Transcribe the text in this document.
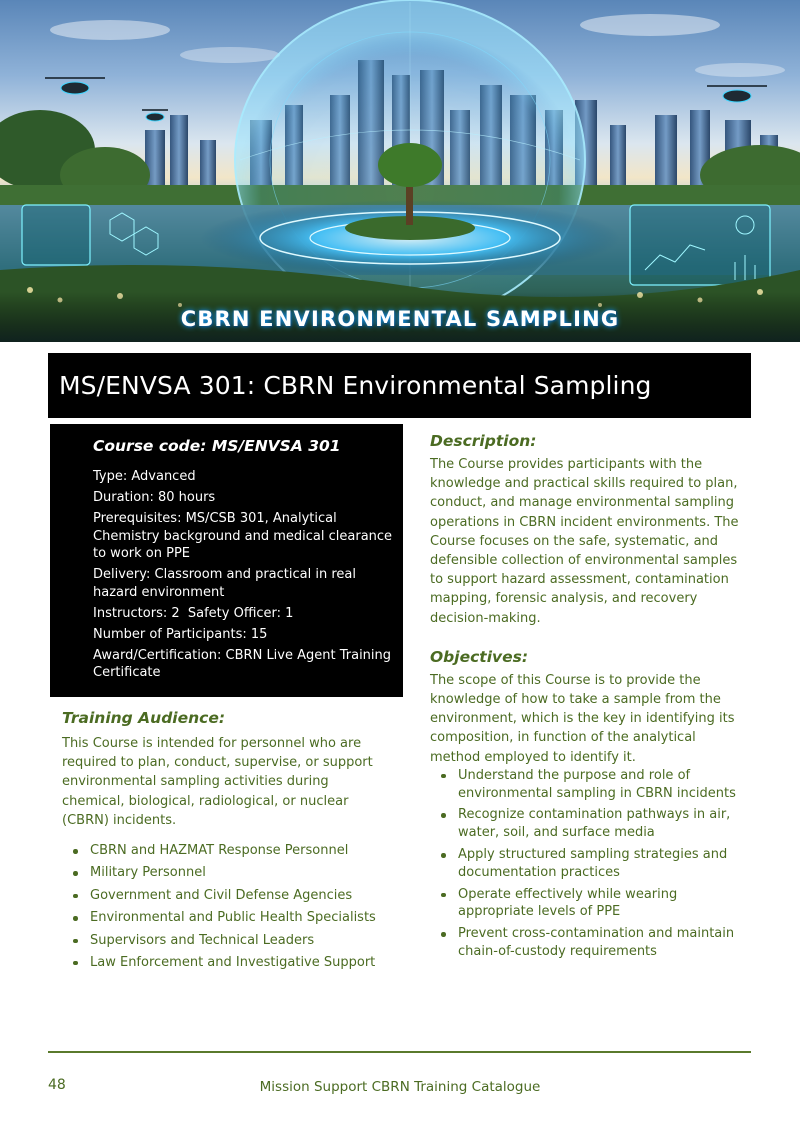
CBRN ENVIRONMENTAL SAMPLING
MS/ENVSA 301: CBRN Environmental Sampling
Course code: MS/ENVSA 301
Type: Advanced
Duration: 80 hours
Prerequisites: MS/CSB 301, Analytical Chemistry background and medical clearance to work on PPE
Delivery: Classroom and practical in real hazard environment
Instructors: 2  Safety Officer: 1
Number of Participants: 15
Award/Certification: CBRN Live Agent Training Certificate
Training Audience:
This Course is intended for personnel who are required to plan, conduct, supervise, or support environmental sampling activities during chemical, biological, radiological, or nuclear (CBRN) incidents.
CBRN and HAZMAT Response Personnel
Military Personnel
Government and Civil Defense Agencies
Environmental and Public Health Specialists
Supervisors and Technical Leaders
Law Enforcement and Investigative Support
Description:
The Course provides participants with the knowledge and practical skills required to plan, conduct, and manage environmental sampling operations in CBRN incident environments. The Course focuses on the safe, systematic, and defensible collection of environmental samples to support hazard assessment, contamination mapping, forensic analysis, and recovery decision-making.
Objectives:
The scope of this Course is to provide the knowledge of how to take a sample from the environment, which is the key in identifying its composition, in function of the analytical method employed to identify it.
Understand the purpose and role of environmental sampling in CBRN incidents
Recognize contamination pathways in air, water, soil, and surface media
Apply structured sampling strategies and documentation practices
Operate effectively while wearing appropriate levels of PPE
Prevent cross-contamination and maintain chain-of-custody requirements
48	Mission Support CBRN Training Catalogue
